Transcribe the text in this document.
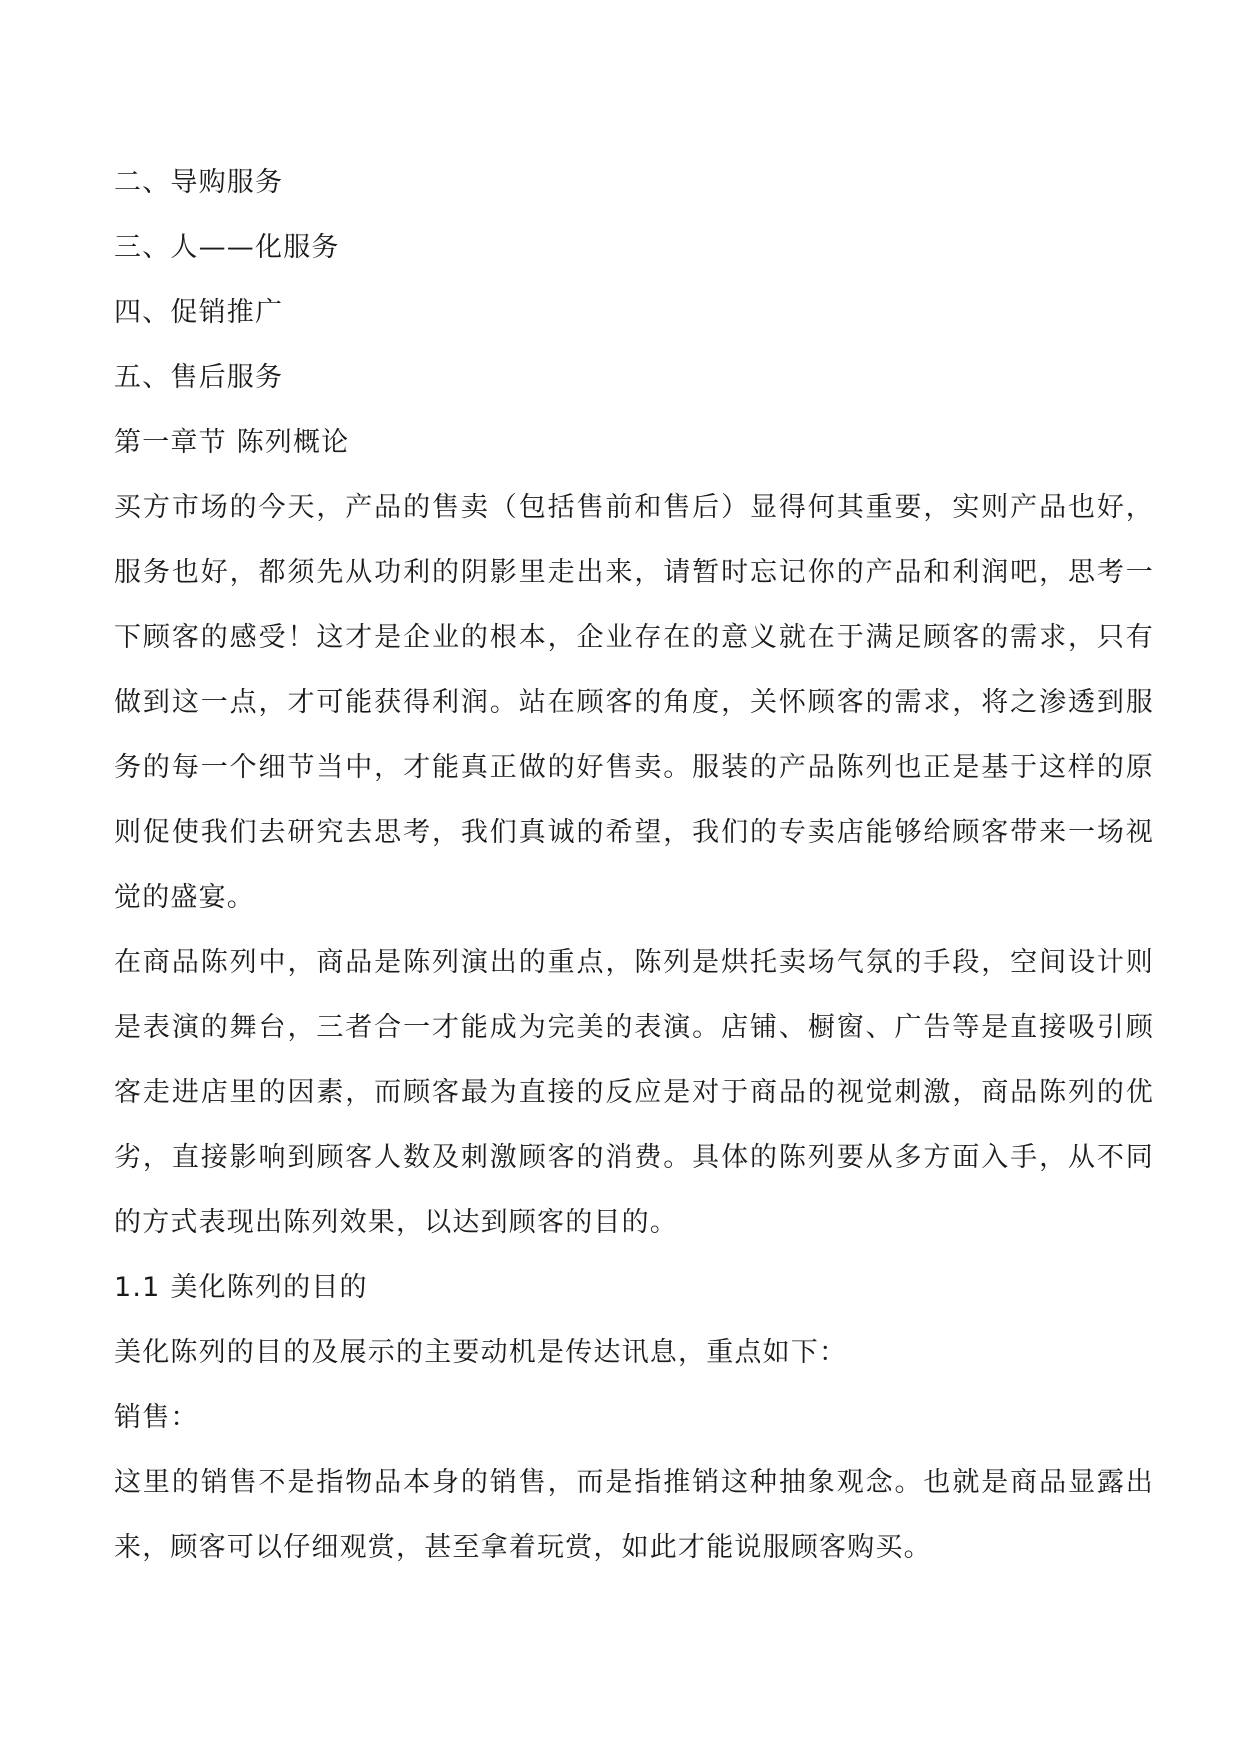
二、导购服务

三、人——化服务

四、促销推广

五、售后服务

第一章节 陈列概论

买方市场的今天，产品的售卖（包括售前和售后）显得何其重要，实则产品也好，服务也好，都须先从功利的阴影里走出来，请暂时忘记你的产品和利润吧，思考一下顾客的感受！这才是企业的根本，企业存在的意义就在于满足顾客的需求，只有做到这一点，才可能获得利润。站在顾客的角度，关怀顾客的需求，将之渗透到服务的每一个细节当中，才能真正做的好售卖。服装的产品陈列也正是基于这样的原则促使我们去研究去思考，我们真诚的希望，我们的专卖店能够给顾客带来一场视觉的盛宴。

在商品陈列中，商品是陈列演出的重点，陈列是烘托卖场气氛的手段，空间设计则是表演的舞台，三者合一才能成为完美的表演。店铺、橱窗、广告等是直接吸引顾客走进店里的因素，而顾客最为直接的反应是对于商品的视觉刺激，商品陈列的优劣，直接影响到顾客人数及刺激顾客的消费。具体的陈列要从多方面入手，从不同的方式表现出陈列效果，以达到顾客的目的。

1.1 美化陈列的目的

美化陈列的目的及展示的主要动机是传达讯息，重点如下：

销售：

这里的销售不是指物品本身的销售，而是指推销这种抽象观念。也就是商品显露出来，顾客可以仔细观赏，甚至拿着玩赏，如此才能说服顾客购买。
